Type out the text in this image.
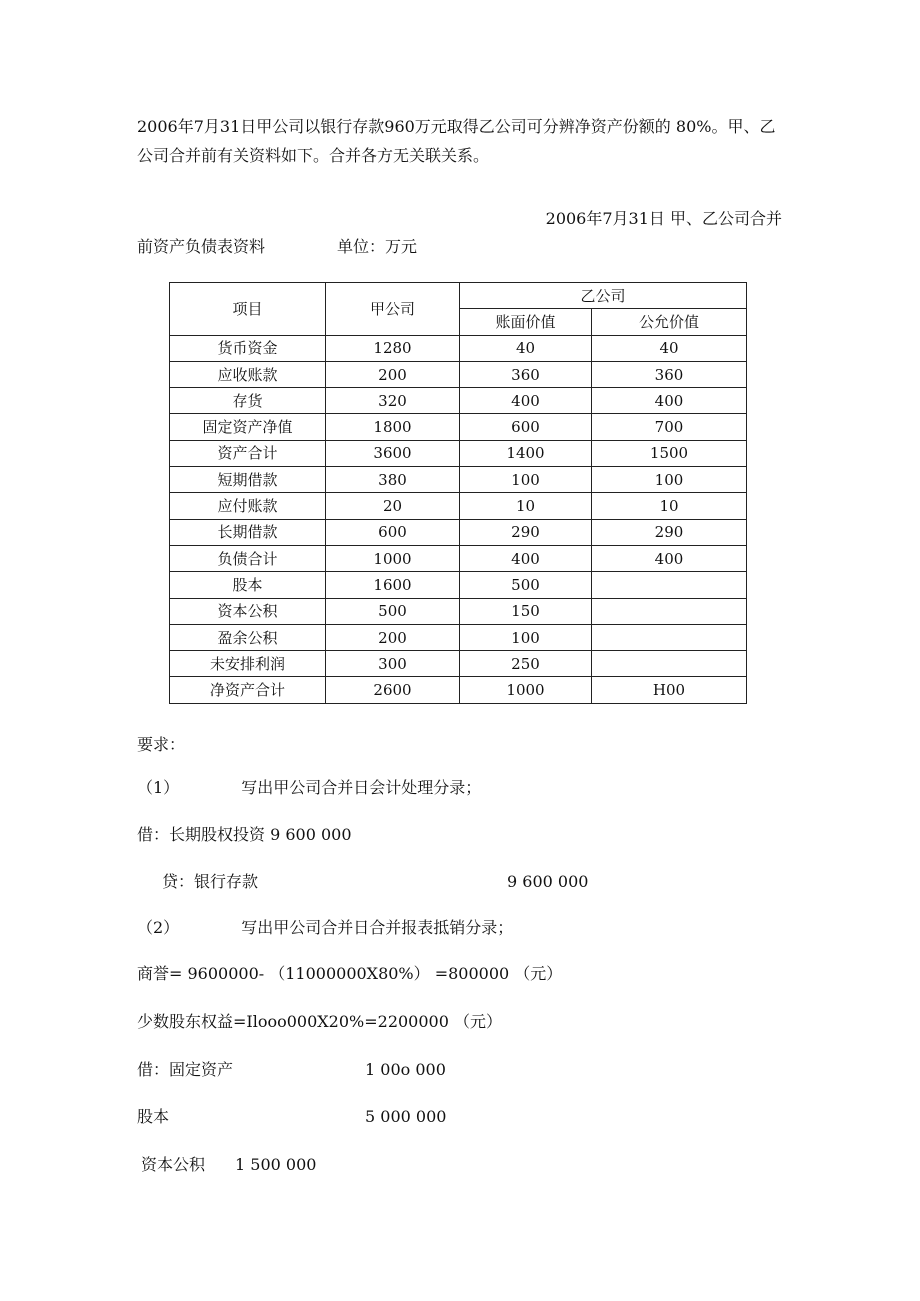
2006年7月31日甲公司以银行存款960万元取得乙公司可分辨净资产份额的 80%。甲、乙公司合并前有关资料如下。合并各方无关联关系。

2006年7月31日 甲、乙公司合并

前资产负债表资料	单位：万元

项目	甲公司	乙公司	
		账面价值	公允价值
货币资金	1280	40	40
应收账款	200	360	360
存货	320	400	400
固定资产净值	1800	600	700
资产合计	3600	1400	1500
短期借款	380	100	100
应付账款	20	10	10
长期借款	600	290	290
负债合计	1000	400	400
股本	1600	500	
资本公积	500	150	
盈余公积	200	100	
未安排利润	300	250	
净资产合计	2600	1000	H00

要求：

（1）	写出甲公司合并日会计处理分录；

借：长期股权投资 9 600 000

贷：银行存款	9 600 000

（2）	写出甲公司合并日合并报表抵销分录；

商誉= 9600000- （11000000X80%） =800000 （元）

少数股东权益=Ilooo000X20%=2200000 （元）

借：固定资产	1 00o 000

股本	5 000 000

资本公积 1 500 000
